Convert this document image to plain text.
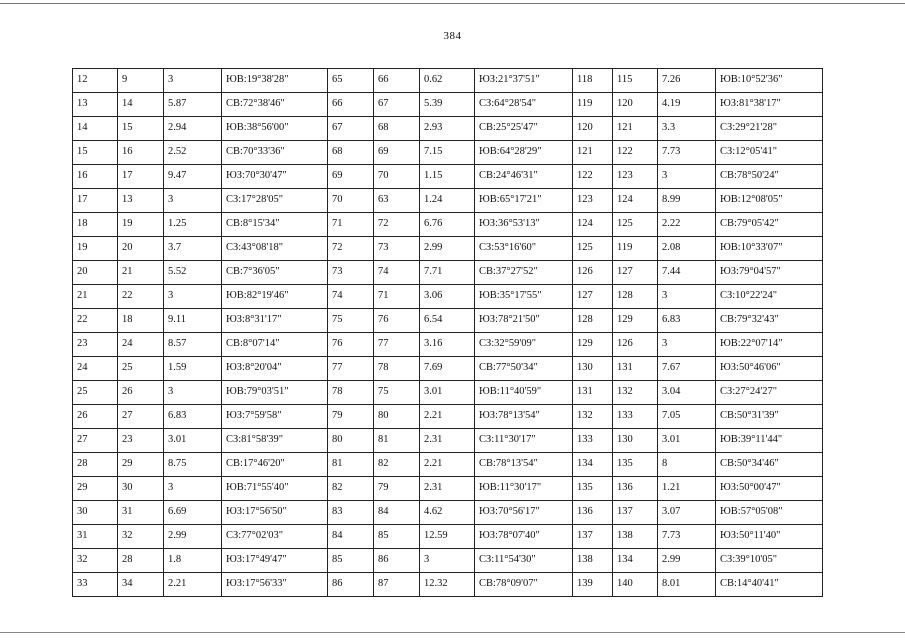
384
12	9	3	ЮВ:19°38'28"	65	66	0.62	ЮЗ:21°37'51"	118	115	7.26	ЮВ:10°52'36"
13	14	5.87	СВ:72°38'46"	66	67	5.39	СЗ:64°28'54"	119	120	4.19	ЮЗ:81°38'17"
14	15	2.94	ЮВ:38°56'00"	67	68	2.93	СВ:25°25'47"	120	121	3.3	СЗ:29°21'28"
15	16	2.52	СВ:70°33'36"	68	69	7.15	ЮВ:64°28'29"	121	122	7.73	СЗ:12°05'41"
16	17	9.47	ЮЗ:70°30'47"	69	70	1.15	СВ:24°46'31"	122	123	3	СВ:78°50'24"
17	13	3	СЗ:17°28'05"	70	63	1.24	ЮВ:65°17'21"	123	124	8.99	ЮВ:12°08'05"
18	19	1.25	СВ:8°15'34"	71	72	6.76	ЮЗ:36°53'13"	124	125	2.22	СВ:79°05'42"
19	20	3.7	СЗ:43°08'18"	72	73	2.99	СЗ:53°16'60"	125	119	2.08	ЮВ:10°33'07"
20	21	5.52	СВ:7°36'05"	73	74	7.71	СВ:37°27'52"	126	127	7.44	ЮЗ:79°04'57"
21	22	3	ЮВ:82°19'46"	74	71	3.06	ЮВ:35°17'55"	127	128	3	СЗ:10°22'24"
22	18	9.11	ЮЗ:8°31'17"	75	76	6.54	ЮЗ:78°21'50"	128	129	6.83	СВ:79°32'43"
23	24	8.57	СВ:8°07'14"	76	77	3.16	СЗ:32°59'09"	129	126	3	ЮВ:22°07'14"
24	25	1.59	ЮЗ:8°20'04"	77	78	7.69	СВ:77°50'34"	130	131	7.67	ЮЗ:50°46'06"
25	26	3	ЮВ:79°03'51"	78	75	3.01	ЮВ:11°40'59"	131	132	3.04	СЗ:27°24'27"
26	27	6.83	ЮЗ:7°59'58"	79	80	2.21	ЮЗ:78°13'54"	132	133	7.05	СВ:50°31'39"
27	23	3.01	СЗ:81°58'39"	80	81	2.31	СЗ:11°30'17"	133	130	3.01	ЮВ:39°11'44"
28	29	8.75	СВ:17°46'20"	81	82	2.21	СВ:78°13'54"	134	135	8	СВ:50°34'46"
29	30	3	ЮВ:71°55'40"	82	79	2.31	ЮВ:11°30'17"	135	136	1.21	ЮЗ:50°00'47"
30	31	6.69	ЮЗ:17°56'50"	83	84	4.62	ЮЗ:70°56'17"	136	137	3.07	ЮВ:57°05'08"
31	32	2.99	СЗ:77°02'03"	84	85	12.59	ЮЗ:78°07'40"	137	138	7.73	ЮЗ:50°11'40"
32	28	1.8	ЮЗ:17°49'47"	85	86	3	СЗ:11°54'30"	138	134	2.99	СЗ:39°10'05"
33	34	2.21	ЮЗ:17°56'33"	86	87	12.32	СВ:78°09'07"	139	140	8.01	СВ:14°40'41"
